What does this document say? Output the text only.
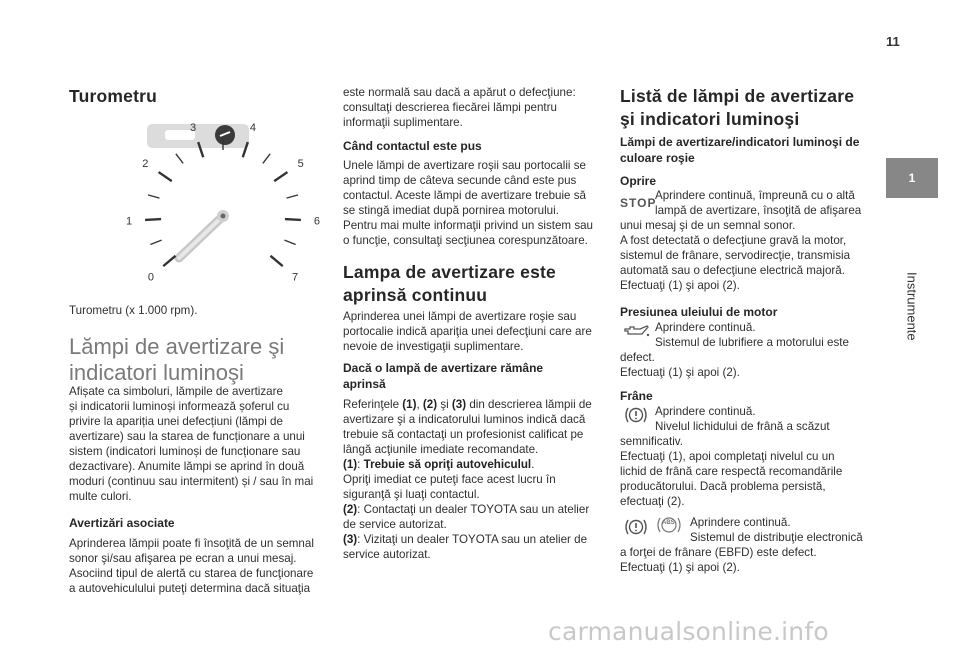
11
1
Instrumente
Turometru
0
1
2
3	4
5
6
7
Turometru (x 1.000 rpm).
Lămpi de avertizare şi
indicatori luminoşi
Afișate ca simboluri, lămpile de avertizare
și indicatorii luminoși informează șoferul cu
privire la apariția unei defecțiuni (lămpi de
avertizare) sau la starea de funcționare a unui
sistem (indicatori luminoși de funcționare sau
dezactivare). Anumite lămpi se aprind în două
moduri (continuu sau intermitent) și / sau în mai
multe culori.
Avertizări asociate
Aprinderea lămpii poate fi însoţită de un semnal
sonor şi/sau afişarea pe ecran a unui mesaj.
Asociind tipul de alertă cu starea de funcţionare
a autovehiculului puteţi determina dacă situaţia
este normală sau dacă a apărut o defecţiune:
consultaţi descrierea fiecărei lămpi pentru
informaţii suplimentare.
Când contactul este pus
Unele lămpi de avertizare roşii sau portocalii se
aprind timp de câteva secunde când este pus
contactul. Aceste lămpi de avertizare trebuie să
se stingă imediat după pornirea motorului.
Pentru mai multe informaţii privind un sistem sau
o funcţie, consultaţi secţiunea corespunzătoare.
Lampa de avertizare este
aprinsă continuu
Aprinderea unei lămpi de avertizare roşie sau
portocalie indică apariţia unei defecţiuni care are
nevoie de investigaţii suplimentare.
Dacă o lampă de avertizare rămâne
aprinsă
Referinţele (1), (2) şi (3) din descrierea lămpii de
avertizare şi a indicatorului luminos indică dacă
trebuie să contactaţi un profesionist calificat pe
lângă acţiunile imediate recomandate.
(1): Trebuie să opriţi autovehiculul.
Opriţi imediat ce puteţi face acest lucru în
siguranţă şi luaţi contactul.
(2): Contactaţi un dealer TOYOTA sau un atelier
de service autorizat.
(3): Vizitaţi un dealer TOYOTA sau un atelier de
service autorizat.
Listă de lămpi de avertizare
şi indicatori luminoşi
Lămpi de avertizare/indicatori luminoşi de
culoare roşie
Oprire
STOP
Aprindere continuă, împreună cu o altă
lampă de avertizare, însoţită de afişarea
unui mesaj şi de un semnal sonor.
A fost detectată o defecţiune gravă la motor,
sistemul de frânare, servodirecţie, transmisia
automată sau o defecţiune electrică majoră.
Efectuaţi (1) şi apoi (2).
Presiunea uleiului de motor
Aprindere continuă.
Sistemul de lubrifiere a motorului este
defect.
Efectuaţi (1) şi apoi (2).
Frâne
Aprindere continuă.
Nivelul lichidului de frână a scăzut
semnificativ.
Efectuaţi (1), apoi completaţi nivelul cu un
lichid de frână care respectă recomandările
producătorului. Dacă problema persistă,
efectuaţi (2).
ABS Aprindere continuă.
Sistemul de distribuţie electronică
a forţei de frânare (EBFD) este defect.
Efectuaţi (1) şi apoi (2).
carmanualsonline.info
